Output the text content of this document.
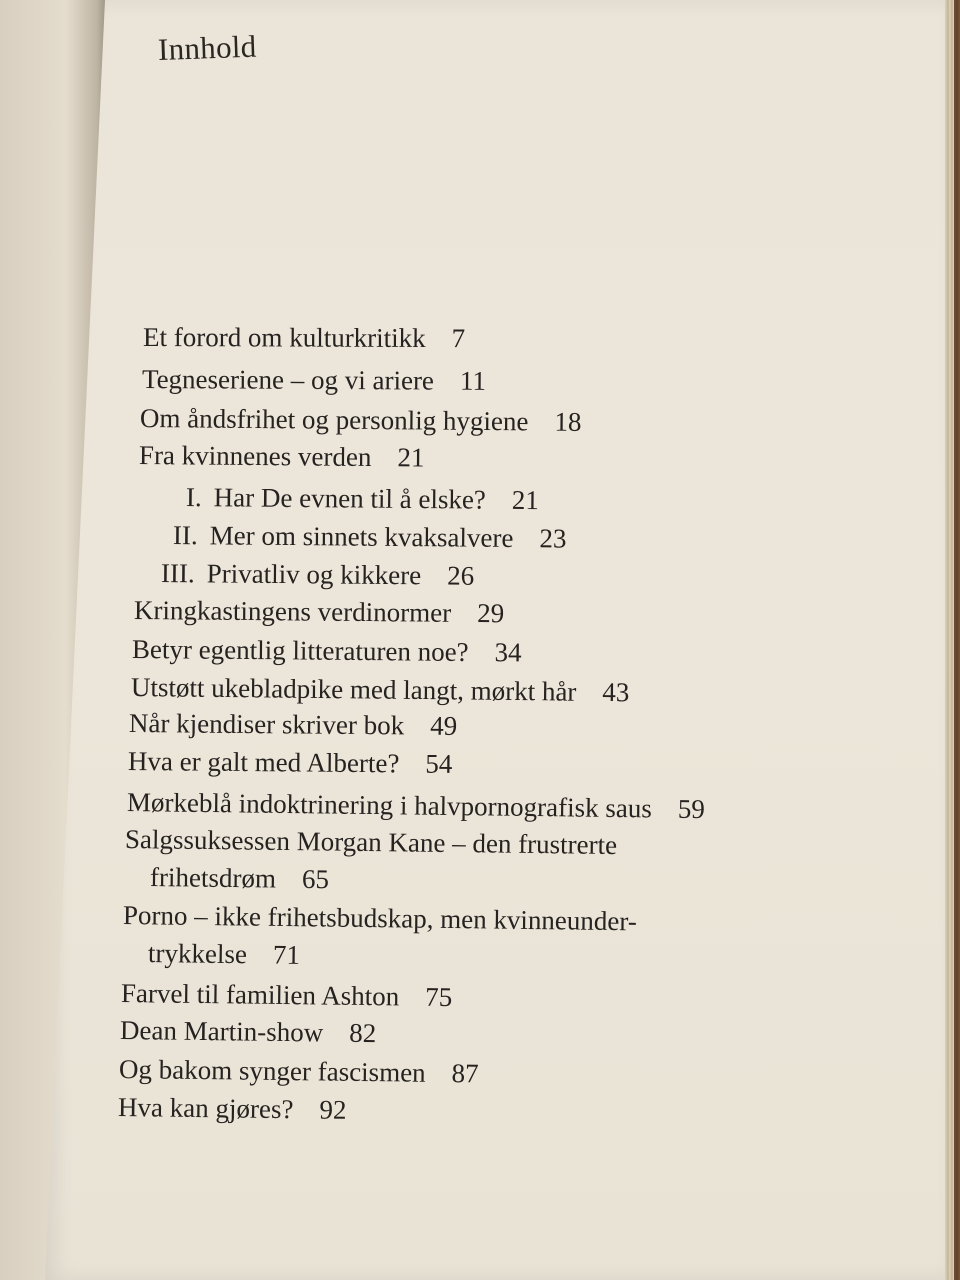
Innhold
Et forord om kulturkritikk 7
Tegneseriene – og vi ariere 11
Om åndsfrihet og personlig hygiene 18
Fra kvinnenes verden 21
I. Har De evnen til å elske? 21
II. Mer om sinnets kvaksalvere 23
III. Privatliv og kikkere 26
Kringkastingens verdinormer 29
Betyr egentlig litteraturen noe? 34
Utstøtt ukebladpike med langt, mørkt hår 43
Når kjendiser skriver bok 49
Hva er galt med Alberte? 54
Mørkeblå indoktrinering i halvpornografisk saus 59
Salgssuksessen Morgan Kane – den frustrerte
frihetsdrøm 65
Porno – ikke frihetsbudskap, men kvinneunder-
trykkelse 71
Farvel til familien Ashton 75
Dean Martin-show 82
Og bakom synger fascismen 87
Hva kan gjøres? 92
